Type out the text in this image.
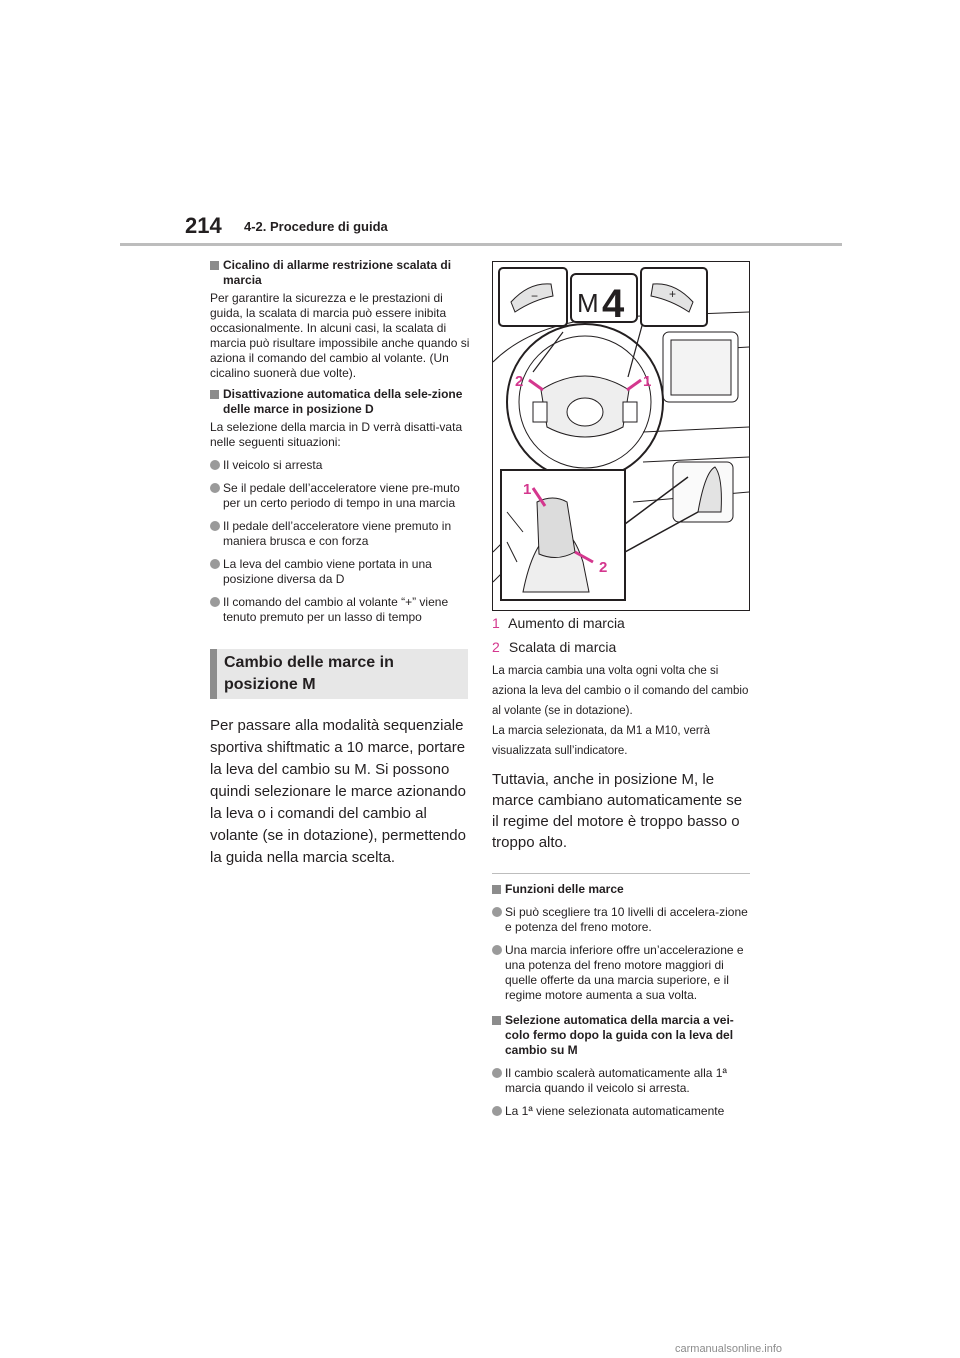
214 4-2. Procedure di guida
Cicalino di allarme restrizione scalata di marcia

Per garantire la sicurezza e le prestazioni di guida, la scalata di marcia può essere inibita occasionalmente. In alcuni casi, la scalata di marcia può risultare impossibile anche quando si aziona il comando del cambio al volante. (Un cicalino suonerà due volte).

Disattivazione automatica della sele-zione delle marce in posizione D

La selezione della marcia in D verrà disatti-vata nelle seguenti situazioni:

Il veicolo si arresta
Se il pedale dell’acceleratore viene pre-muto per un certo periodo di tempo in una marcia
Il pedale dell’acceleratore viene premuto in maniera brusca e con forza
La leva del cambio viene portata in una posizione diversa da D
Il comando del cambio al volante “+” viene tenuto premuto per un lasso di tempo
Cambio delle marce in posizione M

Per passare alla modalità sequenziale sportiva shiftmatic a 10 marce, portare la leva del cambio su M. Si possono quindi selezionare le marce azionando la leva o i comandi del cambio al volante (se in dotazione), permettendo la guida nella marcia scelta.

−	+
M 4
2	1
1
2
1 Aumento di marcia
2 Scalata di marcia

La marcia cambia una volta ogni volta che si aziona la leva del cambio o il comando del cambio al volante (se in dotazione).

La marcia selezionata, da M1 a M10, verrà visualizzata sull’indicatore.

Tuttavia, anche in posizione M, le marce cambiano automaticamente se il regime del motore è troppo basso o troppo alto.

Funzioni delle marce
Si può scegliere tra 10 livelli di accelera-zione e potenza del freno motore.
Una marcia inferiore offre un’accelerazione e una potenza del freno motore maggiori di quelle offerte da una marcia superiore, e il regime motore aumenta a sua volta.
Selezione automatica della marcia a vei-colo fermo dopo la guida con la leva del cambio su M
Il cambio scalerà automaticamente alla 1ª marcia quando il veicolo si arresta.
La 1ª viene selezionata automaticamente
carmanualsonline.info
